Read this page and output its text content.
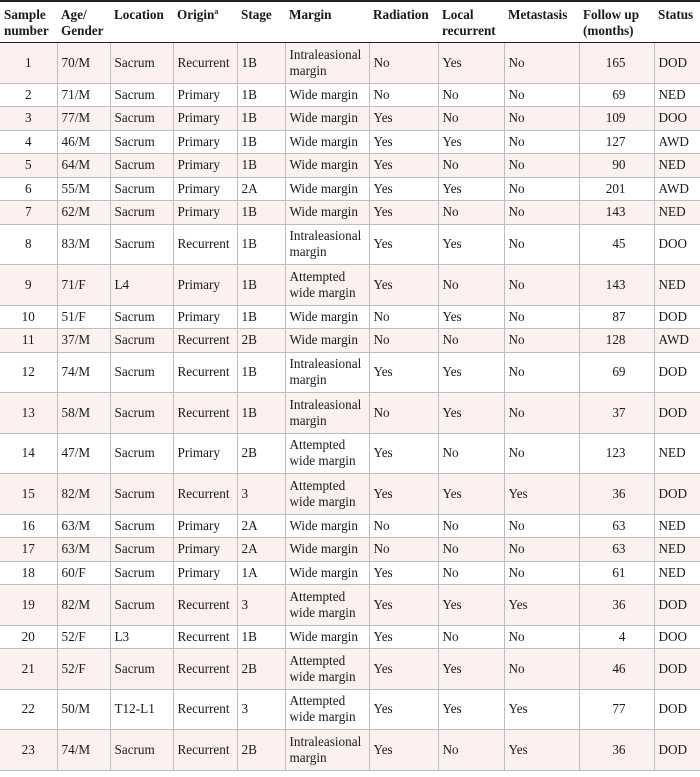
Sample number	Age/ Gender	Location	Origin$^a$	Stage	Margin	Radiation	Local recurrent	Metastasis	Follow up (months)	Status
1	70/M	Sacrum	Recurrent	1B	Intraleasional margin	No	Yes	No	165	DOD
2	71/M	Sacrum	Primary	1B	Wide margin	No	No	No	69	NED
3	77/M	Sacrum	Primary	1B	Wide margin	Yes	No	No	109	DOO
4	46/M	Sacrum	Primary	1B	Wide margin	Yes	Yes	No	127	AWD
5	64/M	Sacrum	Primary	1B	Wide margin	Yes	No	No	90	NED
6	55/M	Sacrum	Primary	2A	Wide margin	Yes	Yes	No	201	AWD
7	62/M	Sacrum	Primary	1B	Wide margin	Yes	No	No	143	NED
8	83/M	Sacrum	Recurrent	1B	Intraleasional margin	Yes	Yes	No	45	DOO
9	71/F	L4	Primary	1B	Attempted wide margin	Yes	No	No	143	NED
10	51/F	Sacrum	Primary	1B	Wide margin	No	Yes	No	87	DOD
11	37/M	Sacrum	Recurrent	2B	Wide margin	No	No	No	128	AWD
12	74/M	Sacrum	Recurrent	1B	Intraleasional margin	Yes	Yes	No	69	DOD
13	58/M	Sacrum	Recurrent	1B	Intraleasional margin	No	Yes	No	37	DOD
14	47/M	Sacrum	Primary	2B	Attempted wide margin	Yes	No	No	123	NED
15	82/M	Sacrum	Recurrent	3	Attempted wide margin	Yes	Yes	Yes	36	DOD
16	63/M	Sacrum	Primary	2A	Wide margin	No	No	No	63	NED
17	63/M	Sacrum	Primary	2A	Wide margin	No	No	No	63	NED
18	60/F	Sacrum	Primary	1A	Wide margin	Yes	No	No	61	NED
19	82/M	Sacrum	Recurrent	3	Attempted wide margin	Yes	Yes	Yes	36	DOD
20	52/F	L3	Recurrent	1B	Wide margin	Yes	No	No	4	DOO
21	52/F	Sacrum	Recurrent	2B	Attempted wide margin	Yes	Yes	No	46	DOD
22	50/M	T12-L1	Recurrent	3	Attempted wide margin	Yes	Yes	Yes	77	DOD
23	74/M	Sacrum	Recurrent	2B	Intraleasional margin	Yes	No	Yes	36	DOD
